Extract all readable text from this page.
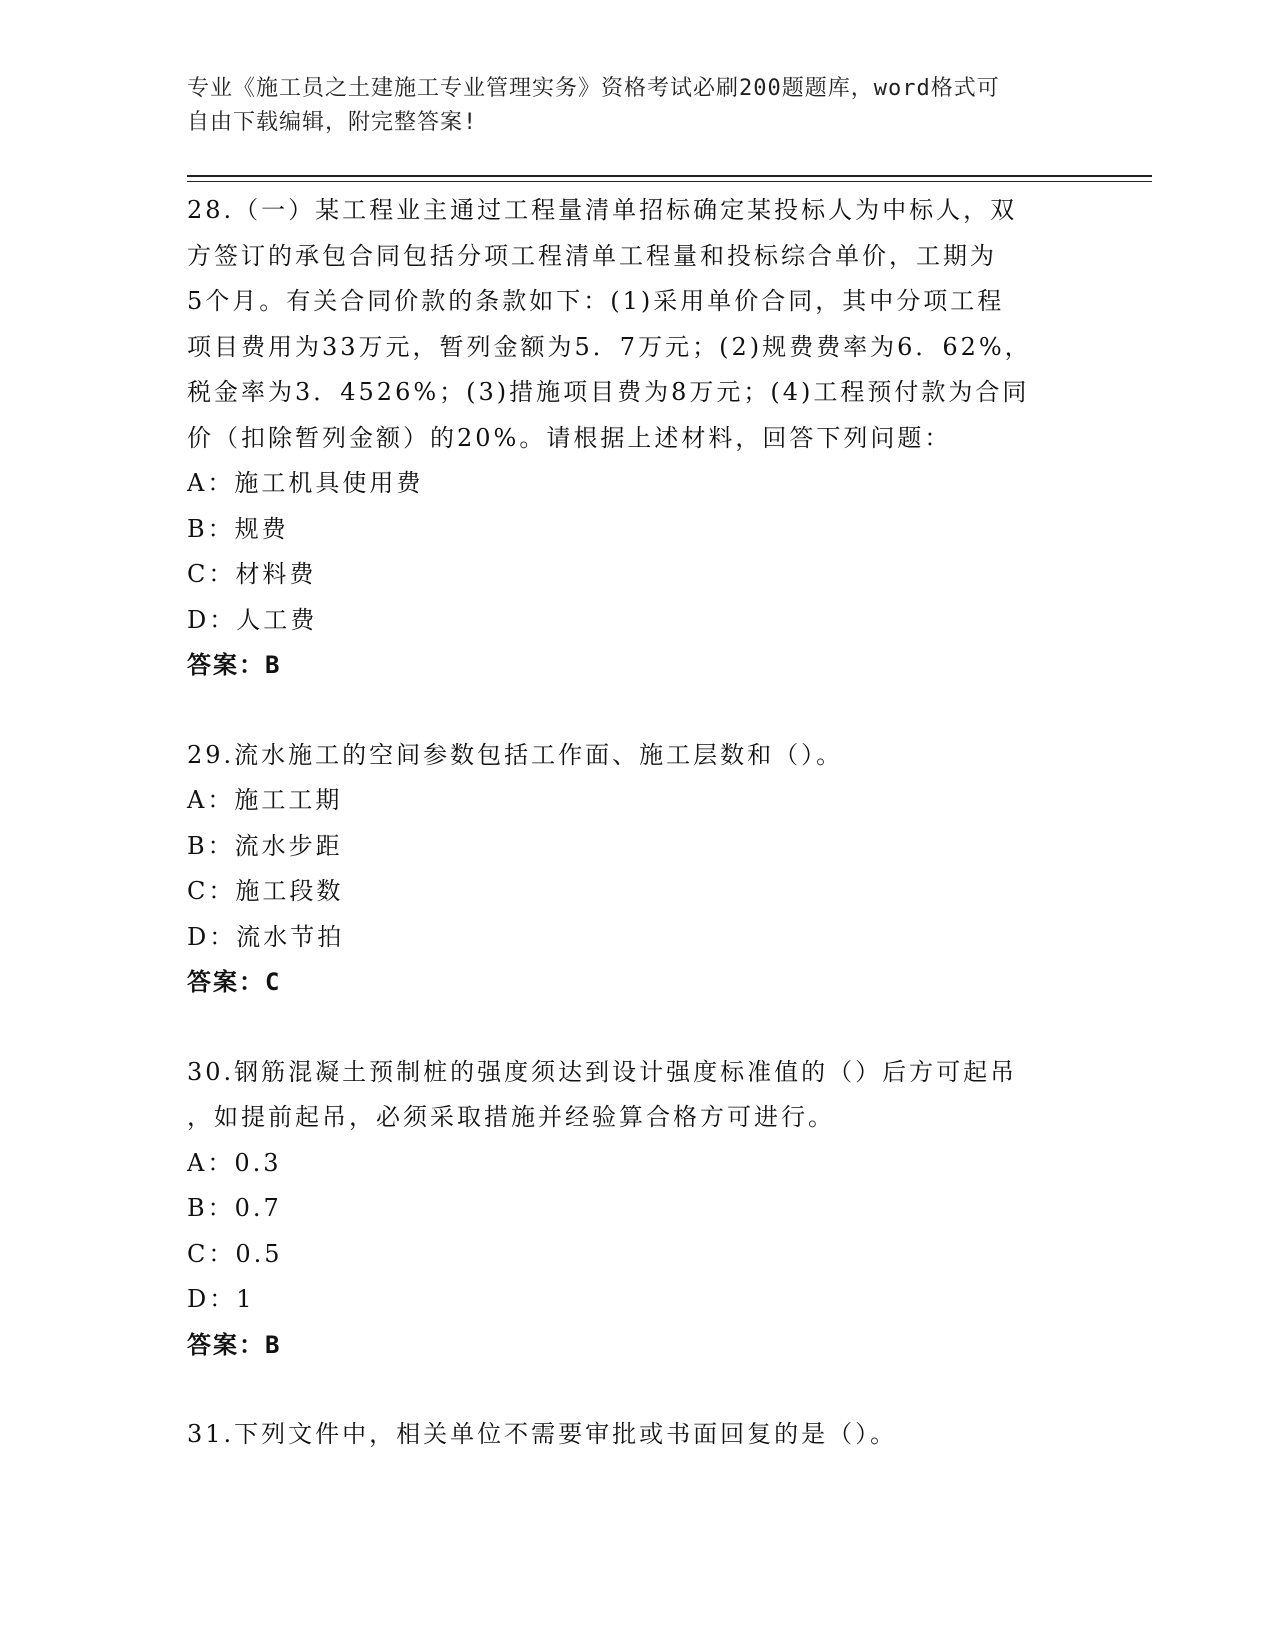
专业《施工员之土建施工专业管理实务》资格考试必刷200题题库，word格式可
自由下载编辑，附完整答案!
28.（一）某工程业主通过工程量清单招标确定某投标人为中标人，双
方签订的承包合同包括分项工程清单工程量和投标综合单价，工期为
5个月。有关合同价款的条款如下：(1)采用单价合同，其中分项工程
项目费用为33万元，暂列金额为5．7万元；(2)规费费率为6．62%，
税金率为3．4526%；(3)措施项目费为8万元；(4)工程预付款为合同
价（扣除暂列金额）的20%。请根据上述材料，回答下列问题：
A：施工机具使用费
B：规费
C：材料费
D：人工费
答案：B
29.流水施工的空间参数包括工作面、施工层数和（）。
A：施工工期
B：流水步距
C：施工段数
D：流水节拍
答案：C
30.钢筋混凝土预制桩的强度须达到设计强度标准值的（）后方可起吊
，如提前起吊，必须采取措施并经验算合格方可进行。
A：0.3
B：0.7
C：0.5
D：1
答案：B
31.下列文件中，相关单位不需要审批或书面回复的是（）。
